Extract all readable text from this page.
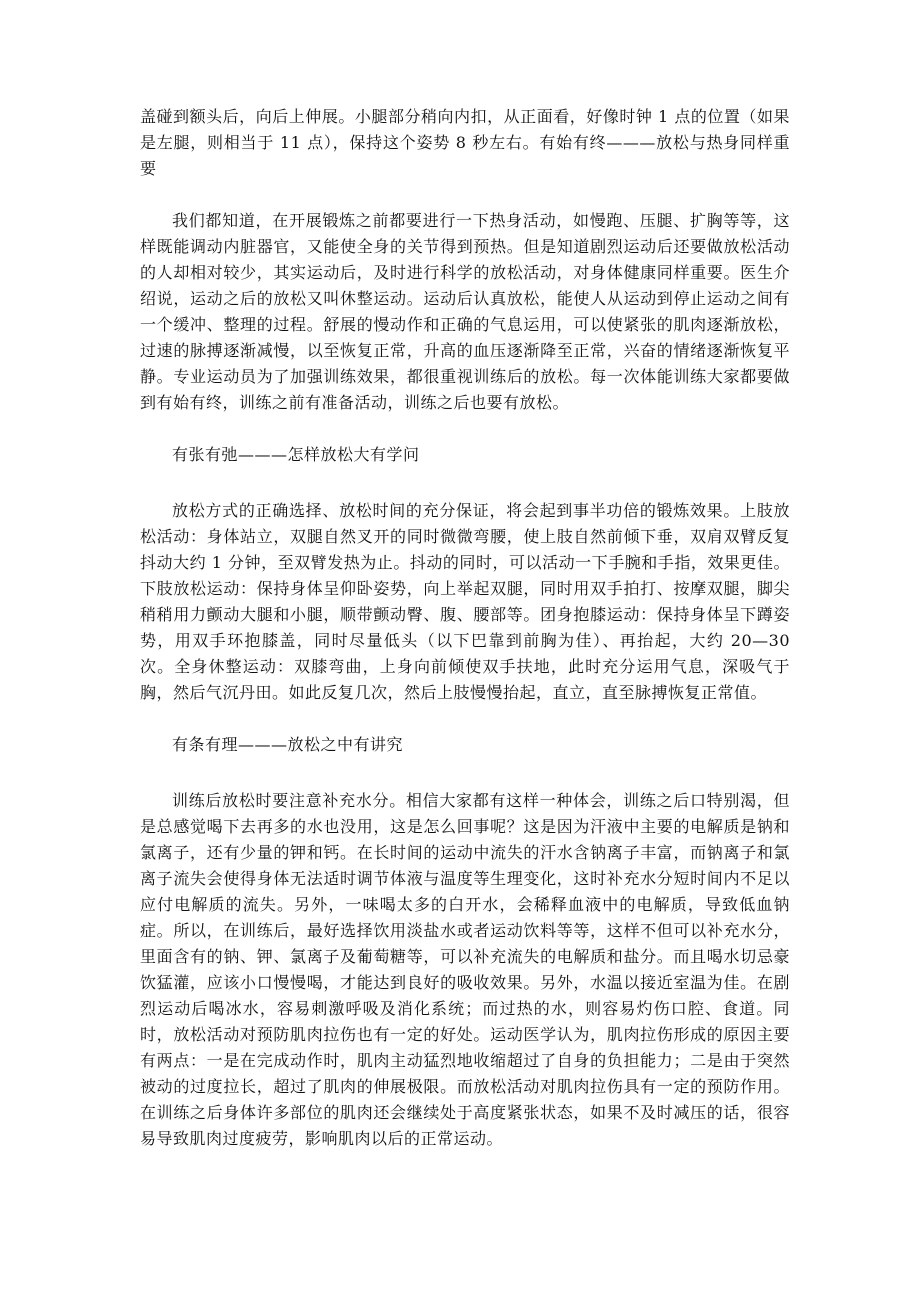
盖碰到额头后，向后上伸展。小腿部分稍向内扣，从正面看，好像时钟 1 点的位置（如果是左腿，则相当于 11 点），保持这个姿势 8 秒左右。有始有终———放松与热身同样重要

我们都知道，在开展锻炼之前都要进行一下热身活动，如慢跑、压腿、扩胸等等，这样既能调动内脏器官，又能使全身的关节得到预热。但是知道剧烈运动后还要做放松活动的人却相对较少，其实运动后，及时进行科学的放松活动，对身体健康同样重要。医生介绍说，运动之后的放松又叫休整运动。运动后认真放松，能使人从运动到停止运动之间有一个缓冲、整理的过程。舒展的慢动作和正确的气息运用，可以使紧张的肌肉逐渐放松，过速的脉搏逐渐减慢，以至恢复正常，升高的血压逐渐降至正常，兴奋的情绪逐渐恢复平静。专业运动员为了加强训练效果，都很重视训练后的放松。每一次体能训练大家都要做到有始有终，训练之前有准备活动，训练之后也要有放松。

有张有弛———怎样放松大有学问

放松方式的正确选择、放松时间的充分保证，将会起到事半功倍的锻炼效果。上肢放松活动：身体站立，双腿自然叉开的同时微微弯腰，使上肢自然前倾下垂，双肩双臂反复抖动大约 1 分钟，至双臂发热为止。抖动的同时，可以活动一下手腕和手指，效果更佳。下肢放松运动：保持身体呈仰卧姿势，向上举起双腿，同时用双手拍打、按摩双腿，脚尖稍稍用力颤动大腿和小腿，顺带颤动臀、腹、腰部等。团身抱膝运动：保持身体呈下蹲姿势，用双手环抱膝盖，同时尽量低头（以下巴靠到前胸为佳）、再抬起，大约 20—30 次。全身休整运动：双膝弯曲，上身向前倾使双手扶地，此时充分运用气息，深吸气于胸，然后气沉丹田。如此反复几次，然后上肢慢慢抬起，直立，直至脉搏恢复正常值。

有条有理———放松之中有讲究

训练后放松时要注意补充水分。相信大家都有这样一种体会，训练之后口特别渴，但是总感觉喝下去再多的水也没用，这是怎么回事呢？这是因为汗液中主要的电解质是钠和氯离子，还有少量的钾和钙。在长时间的运动中流失的汗水含钠离子丰富，而钠离子和氯离子流失会使得身体无法适时调节体液与温度等生理变化，这时补充水分短时间内不足以应付电解质的流失。另外，一味喝太多的白开水，会稀释血液中的电解质，导致低血钠症。所以，在训练后，最好选择饮用淡盐水或者运动饮料等等，这样不但可以补充水分，里面含有的钠、钾、氯离子及葡萄糖等，可以补充流失的电解质和盐分。而且喝水切忌豪饮猛灌，应该小口慢慢喝，才能达到良好的吸收效果。另外，水温以接近室温为佳。在剧烈运动后喝冰水，容易刺激呼吸及消化系统；而过热的水，则容易灼伤口腔、食道。同时，放松活动对预防肌肉拉伤也有一定的好处。运动医学认为，肌肉拉伤形成的原因主要有两点：一是在完成动作时，肌肉主动猛烈地收缩超过了自身的负担能力；二是由于突然被动的过度拉长，超过了肌肉的伸展极限。而放松活动对肌肉拉伤具有一定的预防作用。在训练之后身体许多部位的肌肉还会继续处于高度紧张状态，如果不及时减压的话，很容易导致肌肉过度疲劳，影响肌肉以后的正常运动。
